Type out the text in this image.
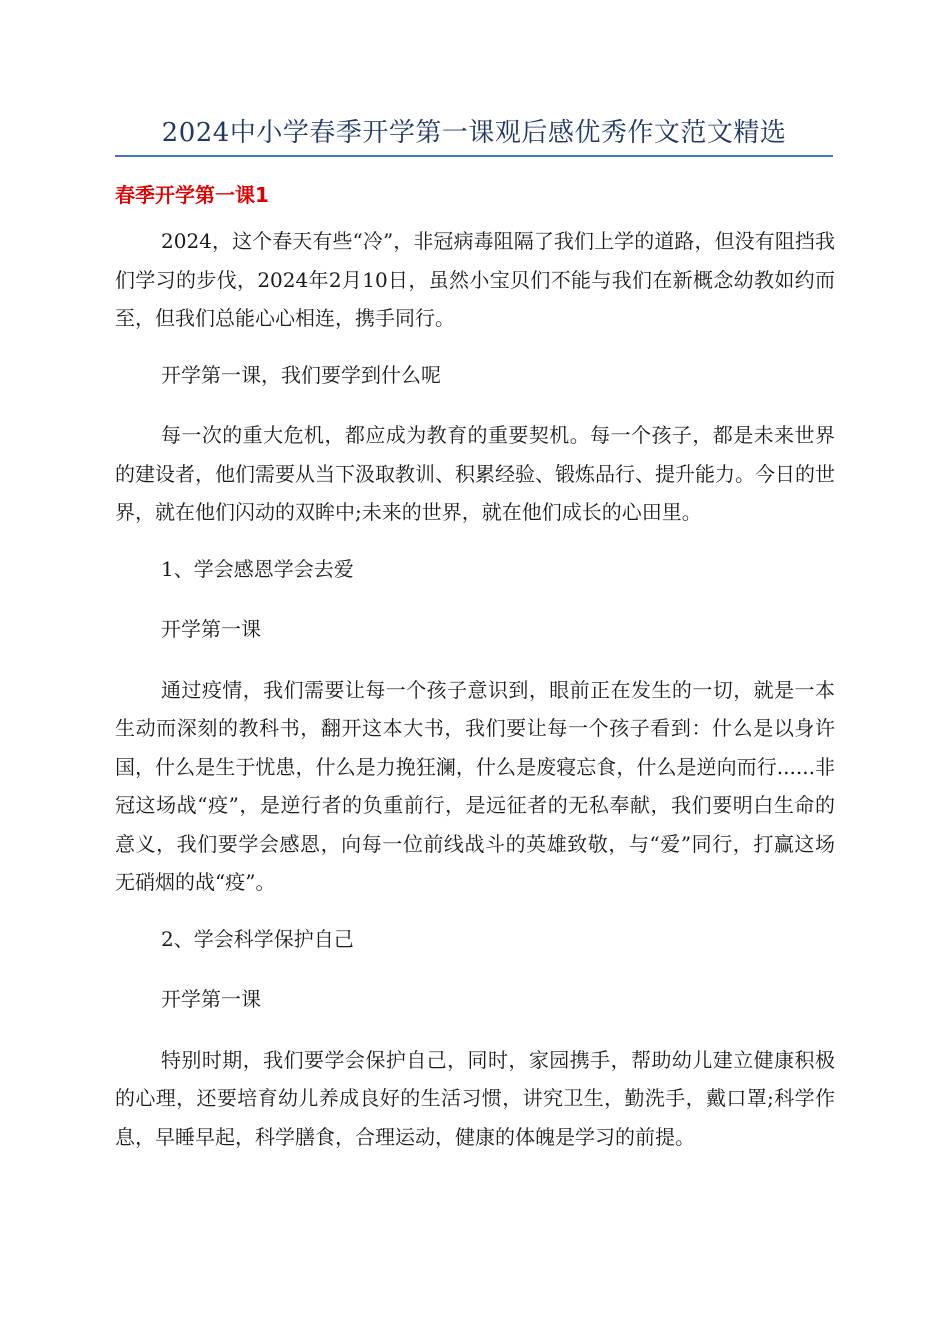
2024中小学春季开学第一课观后感优秀作文范文精选
春季开学第一课1

2024，这个春天有些“冷”，非冠病毒阻隔了我们上学的道路，但没有阻挡我们学习的步伐，2024年2月10日，虽然小宝贝们不能与我们在新概念幼教如约而至，但我们总能心心相连，携手同行。

开学第一课，我们要学到什么呢

每一次的重大危机，都应成为教育的重要契机。每一个孩子，都是未来世界的建设者，他们需要从当下汲取教训、积累经验、锻炼品行、提升能力。今日的世界，就在他们闪动的双眸中;未来的世界，就在他们成长的心田里。

1、学会感恩学会去爱

开学第一课

通过疫情，我们需要让每一个孩子意识到，眼前正在发生的一切，就是一本生动而深刻的教科书，翻开这本大书，我们要让每一个孩子看到：什么是以身许国，什么是生于忧患，什么是力挽狂澜，什么是废寝忘食，什么是逆向而行......非冠这场战“疫”，是逆行者的负重前行，是远征者的无私奉献，我们要明白生命的意义，我们要学会感恩，向每一位前线战斗的英雄致敬，与“爱”同行，打赢这场无硝烟的战“疫”。

2、学会科学保护自己

开学第一课

特别时期，我们要学会保护自己，同时，家园携手，帮助幼儿建立健康积极的心理，还要培育幼儿养成良好的生活习惯，讲究卫生，勤洗手，戴口罩;科学作息，早睡早起，科学膳食，合理运动，健康的体魄是学习的前提。
